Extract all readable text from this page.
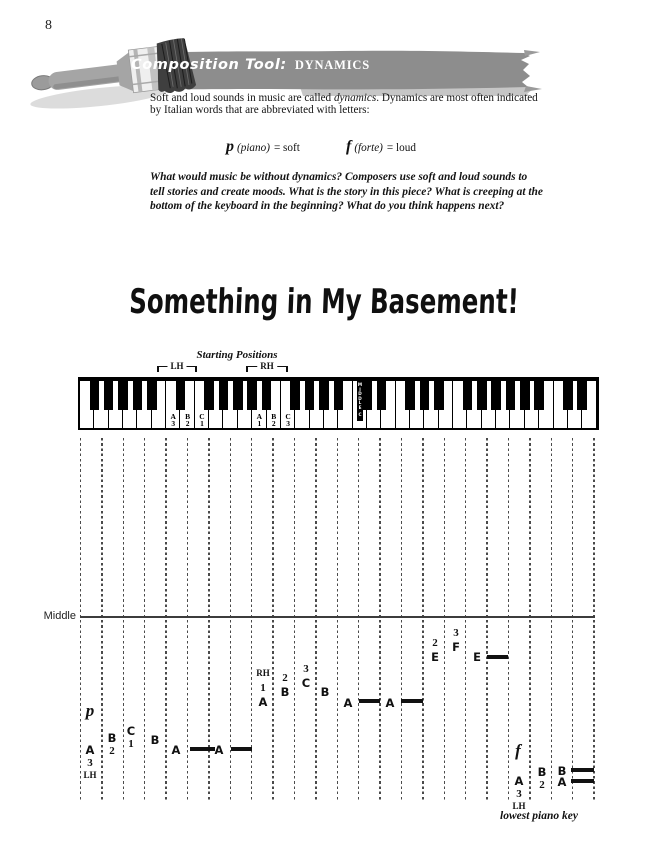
8
Composition Tool: DYNAMICS

Soft and loud sounds in music are called dynamics. Dynamics are most often indicated
by Italian words that are abbreviated with letters:

p (piano) = soft	f (forte) = loud

What would music be without dynamics? Composers use soft and loud sounds to
tell stories and create moods. What is the story in this piece? What is creeping at the
bottom of the keyboard in the beginning? What do you think happens next?

Something in My Basement!
Starting Positions
LH	RH
M
I
D
D
L
E
C
A
3
B
2
C
1
A
1
B
2
C
3
Middle
lowest piano key
p
f
A
3
LH
B
2
C
1	B
A	A
A
1
RH
B
2	C
3
B
A	A
E
2	F
3
E
A
3
LH
B
2
B
A
